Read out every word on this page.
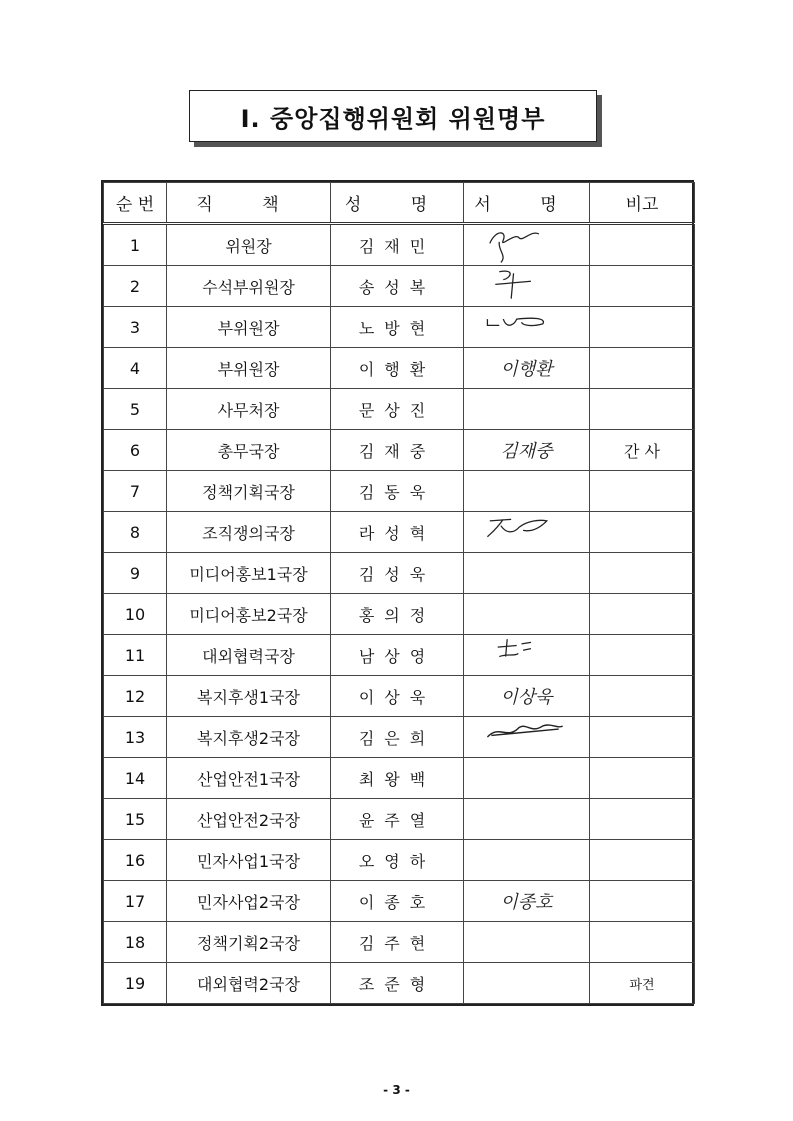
Ⅰ. 중앙집행위원회 위원명부
순 번	직 책	성 명	서 명	비고
1	위원장	김재민	

2	수석부위원장	송성복	

3	부위원장	노방현	

4	부위원장	이행환	이행환	
5	사무처장	문상진		
6	총무국장	김재중	김재중	간 사
7	정책기획국장	김동욱		
8	조직쟁의국장	라성혁	

9	미디어홍보1국장	김성욱		
10	미디어홍보2국장	홍의정		
11	대외협력국장	남상영	

12	복지후생1국장	이상욱	이상욱	
13	복지후생2국장	김은희	

14	산업안전1국장	최왕백		
15	산업안전2국장	윤주열		
16	민자사업1국장	오영하		
17	민자사업2국장	이종호	이종호	
18	정책기획2국장	김주현		
19	대외협력2국장	조준형		파견
- 3 -
